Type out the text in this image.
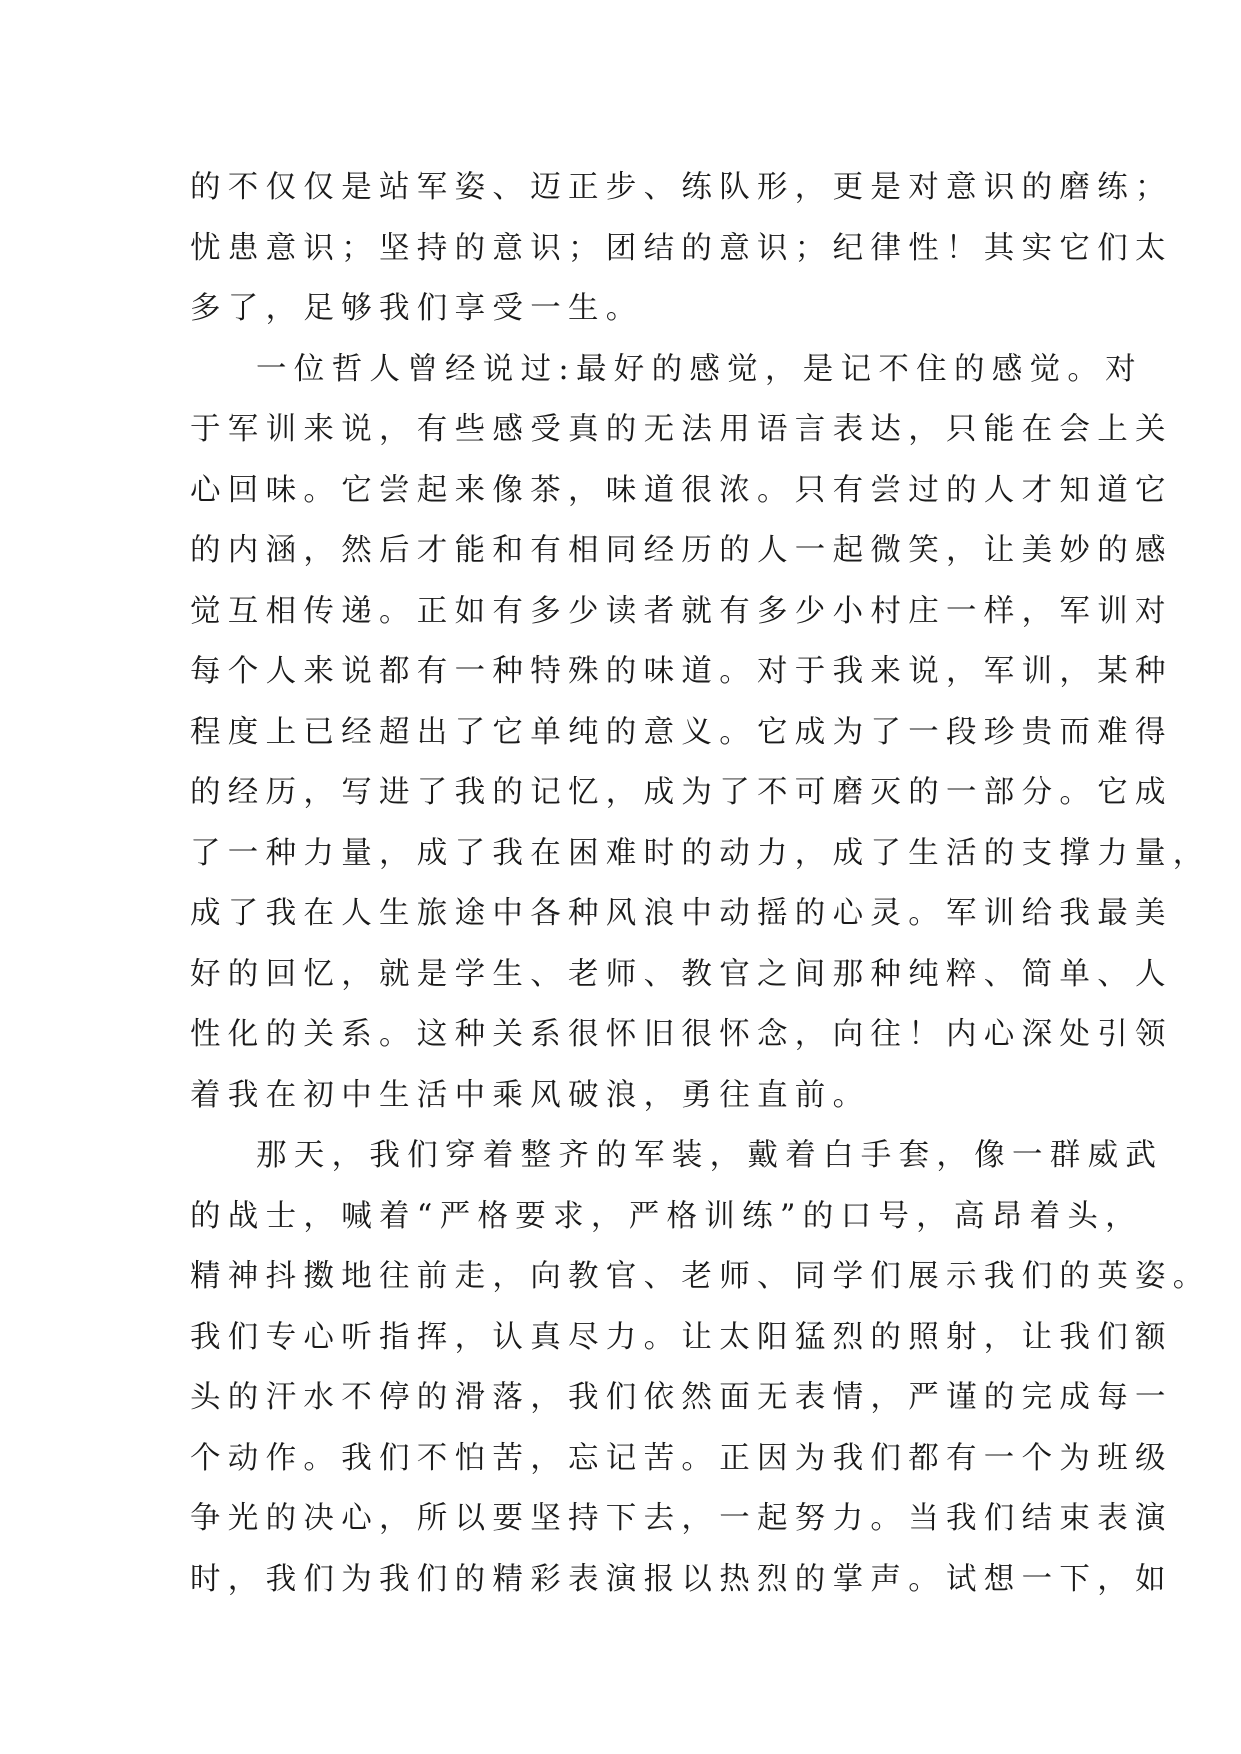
的不仅仅是站军姿、迈正步、练队形，更是对意识的磨练；
忧患意识；坚持的意识；团结的意识；纪律性！其实它们太
多了，足够我们享受一生。
一位哲人曾经说过:最好的感觉，是记不住的感觉。对
于军训来说，有些感受真的无法用语言表达，只能在会上关
心回味。它尝起来像茶，味道很浓。只有尝过的人才知道它
的内涵，然后才能和有相同经历的人一起微笑，让美妙的感
觉互相传递。正如有多少读者就有多少小村庄一样，军训对
每个人来说都有一种特殊的味道。对于我来说，军训，某种
程度上已经超出了它单纯的意义。它成为了一段珍贵而难得
的经历，写进了我的记忆，成为了不可磨灭的一部分。它成
了一种力量，成了我在困难时的动力，成了生活的支撑力量，
成了我在人生旅途中各种风浪中动摇的心灵。军训给我最美
好的回忆，就是学生、老师、教官之间那种纯粹、简单、人
性化的关系。这种关系很怀旧很怀念，向往！内心深处引领
着我在初中生活中乘风破浪，勇往直前。
那天，我们穿着整齐的军装，戴着白手套，像一群威武
的战士，喊着“严格要求，严格训练”的口号，高昂着头，
精神抖擞地往前走，向教官、老师、同学们展示我们的英姿。
我们专心听指挥，认真尽力。让太阳猛烈的照射，让我们额
头的汗水不停的滑落，我们依然面无表情，严谨的完成每一
个动作。我们不怕苦，忘记苦。正因为我们都有一个为班级
争光的决心，所以要坚持下去，一起努力。当我们结束表演
时，我们为我们的精彩表演报以热烈的掌声。试想一下，如
